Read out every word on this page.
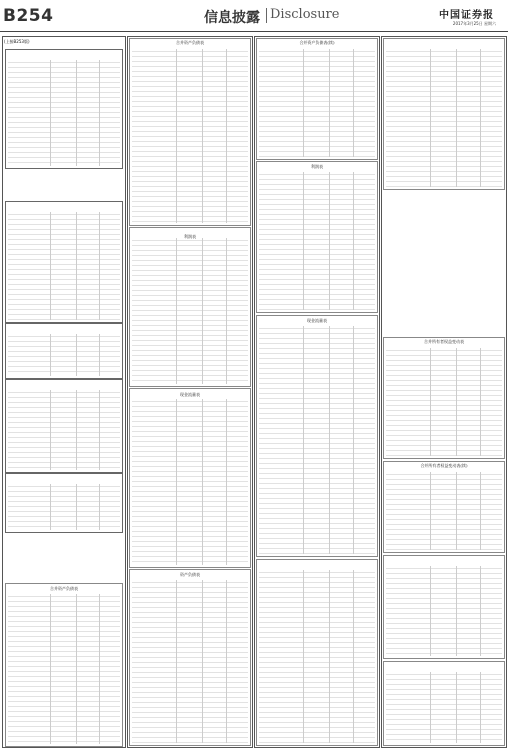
B254	信息披露 Disclosure	中国证券报
2017年3月25日 星期六
(上接B253版)
合并资产负债表
合并资产负债表
利润表
现金流量表
资产负债表
合并资产负债表(续)
利润表
现金流量表
合并所有者权益变动表
合并所有者权益变动表(续)
